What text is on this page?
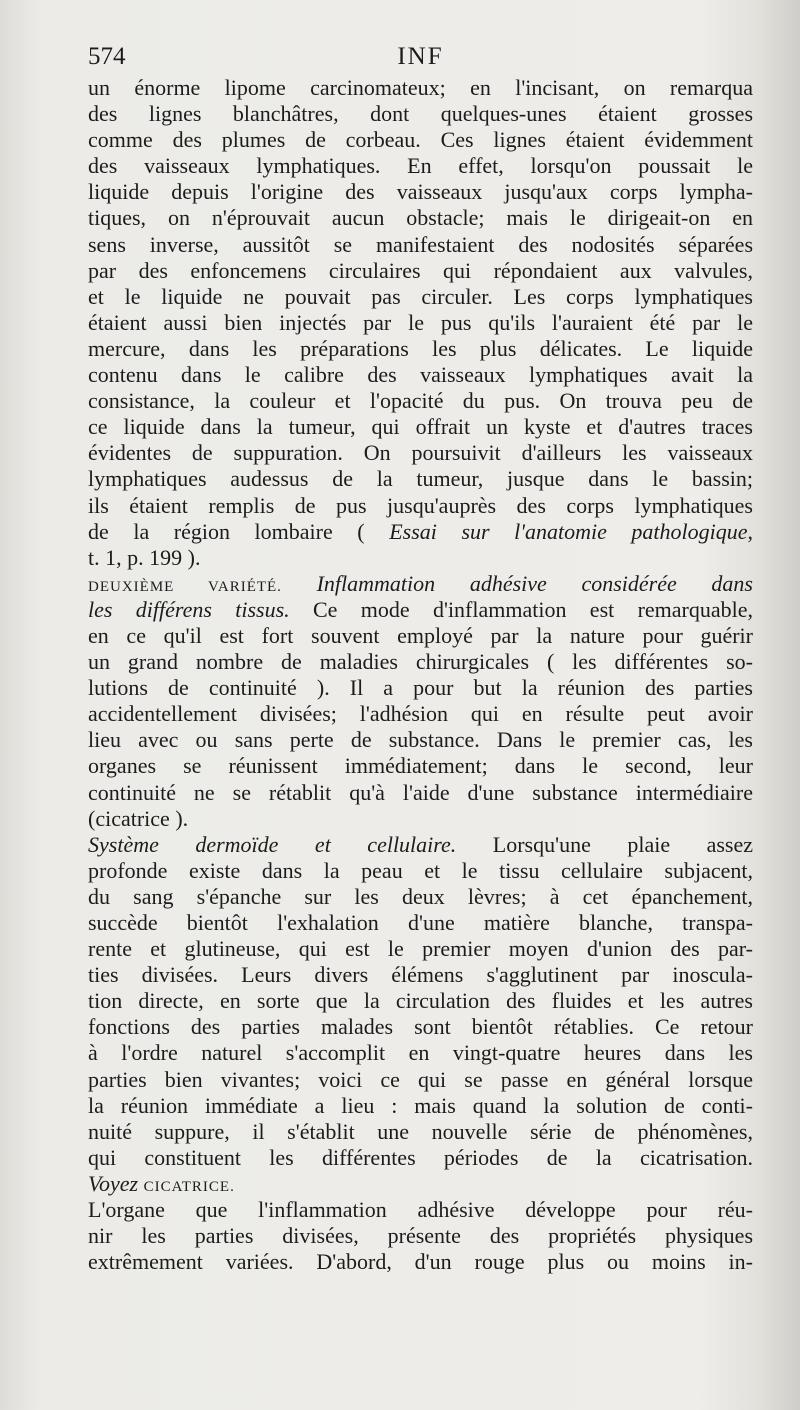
574	INF
un énorme lipome carcinomateux; en l'incisant, on remarqua
des lignes blanchâtres, dont quelques-unes étaient grosses
comme des plumes de corbeau. Ces lignes étaient évidemment
des vaisseaux lymphatiques. En effet, lorsqu'on poussait le
liquide depuis l'origine des vaisseaux jusqu'aux corps lympha-
tiques, on n'éprouvait aucun obstacle; mais le dirigeait-on en
sens inverse, aussitôt se manifestaient des nodosités séparées
par des enfoncemens circulaires qui répondaient aux valvules,
et le liquide ne pouvait pas circuler. Les corps lymphatiques
étaient aussi bien injectés par le pus qu'ils l'auraient été par le
mercure, dans les préparations les plus délicates. Le liquide
contenu dans le calibre des vaisseaux lymphatiques avait la
consistance, la couleur et l'opacité du pus. On trouva peu de
ce liquide dans la tumeur, qui offrait un kyste et d'autres traces
évidentes de suppuration. On poursuivit d'ailleurs les vaisseaux
lymphatiques audessus de la tumeur, jusque dans le bassin;
ils étaient remplis de pus jusqu'auprès des corps lymphatiques
de la région lombaire ( Essai sur l'anatomie pathologique,
t. 1, p. 199 ).
DEUXIÈME VARIÉTÉ. Inflammation adhésive considérée dans
les différens tissus. Ce mode d'inflammation est remarquable,
en ce qu'il est fort souvent employé par la nature pour guérir
un grand nombre de maladies chirurgicales ( les différentes so-
lutions de continuité ). Il a pour but la réunion des parties
accidentellement divisées; l'adhésion qui en résulte peut avoir
lieu avec ou sans perte de substance. Dans le premier cas, les
organes se réunissent immédiatement; dans le second, leur
continuité ne se rétablit qu'à l'aide d'une substance intermédiaire
(cicatrice ).
Système dermoïde et cellulaire. Lorsqu'une plaie assez
profonde existe dans la peau et le tissu cellulaire subjacent,
du sang s'épanche sur les deux lèvres; à cet épanchement,
succède bientôt l'exhalation d'une matière blanche, transpa-
rente et glutineuse, qui est le premier moyen d'union des par-
ties divisées. Leurs divers élémens s'agglutinent par inoscula-
tion directe, en sorte que la circulation des fluides et les autres
fonctions des parties malades sont bientôt rétablies. Ce retour
à l'ordre naturel s'accomplit en vingt-quatre heures dans les
parties bien vivantes; voici ce qui se passe en général lorsque
la réunion immédiate a lieu : mais quand la solution de conti-
nuité suppure, il s'établit une nouvelle série de phénomènes,
qui constituent les différentes périodes de la cicatrisation.
Voyez CICATRICE.
L'organe que l'inflammation adhésive développe pour réu-
nir les parties divisées, présente des propriétés physiques
extrêmement variées. D'abord, d'un rouge plus ou moins in-
